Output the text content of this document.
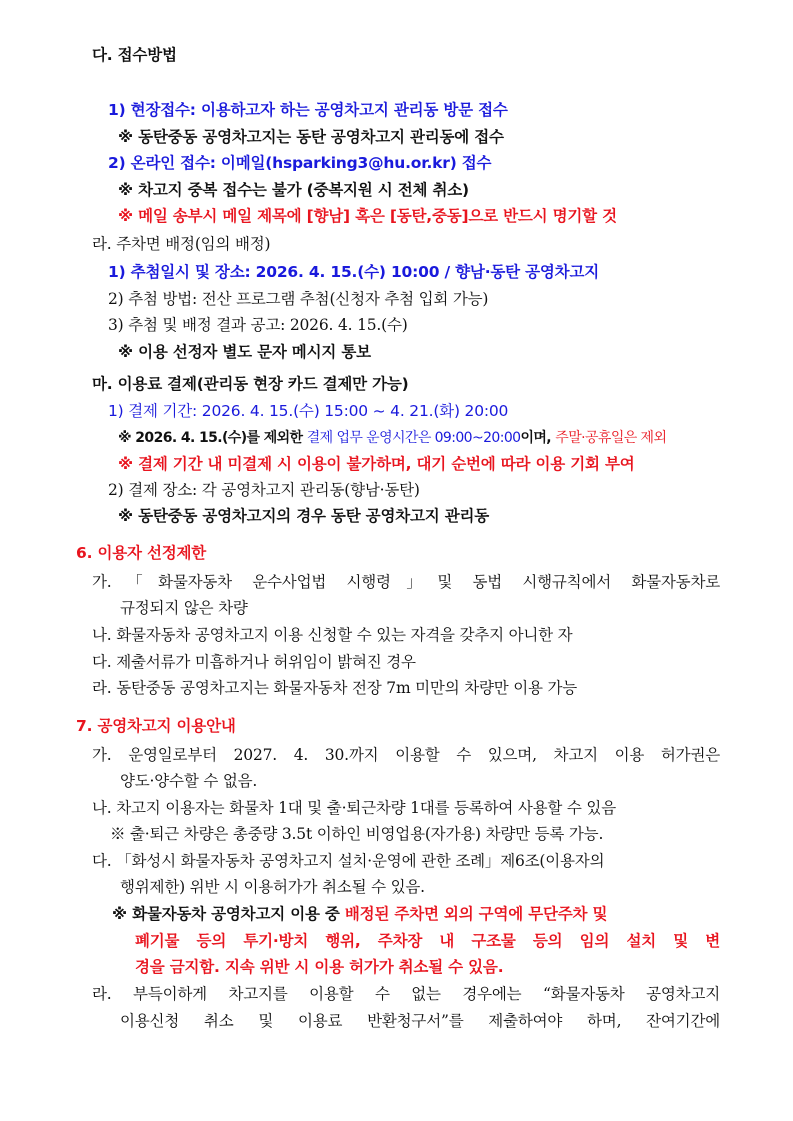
다. 접수방법
1) 현장접수: 이용하고자 하는 공영차고지 관리동 방문 접수
※ 동탄중동 공영차고지는 동탄 공영차고지 관리동에 접수
2) 온라인 접수: 이메일(hsparking3@hu.or.kr) 접수
※ 차고지 중복 접수는 불가 (중복지원 시 전체 취소)
※ 메일 송부시 메일 제목에 [향남] 혹은 [동탄,중동]으로 반드시 명기할 것
라. 주차면 배정(임의 배정)
1) 추첨일시 및 장소: 2026. 4. 15.(수) 10:00 / 향남·동탄 공영차고지
2) 추첨 방법: 전산 프로그램 추첨(신청자 추첨 입회 가능)
3) 추첨 및 배정 결과 공고: 2026. 4. 15.(수)
※ 이용 선정자 별도 문자 메시지 통보
마. 이용료 결제(관리동 현장 카드 결제만 가능)
1) 결제 기간: 2026. 4. 15.(수) 15:00 ~ 4. 21.(화) 20:00
※ 2026. 4. 15.(수)를 제외한 결제 업무 운영시간은 09:00~20:00이며, 주말·공휴일은 제외
※ 결제 기간 내 미결제 시 이용이 불가하며, 대기 순번에 따라 이용 기회 부여
2) 결제 장소: 각 공영차고지 관리동(향남·동탄)
※ 동탄중동 공영차고지의 경우 동탄 공영차고지 관리동
6. 이용자 선정제한
가.「화물자동차 운수사업법 시행령」및 동법 시행규칙에서 화물자동차로
규정되지 않은 차량
나. 화물자동차 공영차고지 이용 신청할 수 있는 자격을 갖추지 아니한 자
다. 제출서류가 미흡하거나 허위임이 밝혀진 경우
라. 동탄중동 공영차고지는 화물자동차 전장 7m 미만의 차량만 이용 가능
7. 공영차고지 이용안내
가. 운영일로부터 2027. 4. 30.까지 이용할 수 있으며, 차고지 이용 허가권은
양도·양수할 수 없음.
나. 차고지 이용자는 화물차 1대 및 출·퇴근차량 1대를 등록하여 사용할 수 있음
※ 출·퇴근 차량은 총중량 3.5t 이하인 비영업용(자가용) 차량만 등록 가능.
다. 「화성시 화물자동차 공영차고지 설치·운영에 관한 조례」제6조(이용자의
행위제한) 위반 시 이용허가가 취소될 수 있음.
※ 화물자동차 공영차고지 이용 중 배정된 주차면 외의 구역에 무단주차 및
폐기물 등의 투기·방치 행위, 주차장 내 구조물 등의 임의 설치 및 변
경을 금지함. 지속 위반 시 이용 허가가 취소될 수 있음.
라. 부득이하게 차고지를 이용할 수 없는 경우에는 “화물자동차 공영차고지
이용신청 취소 및 이용료 반환청구서”를 제출하여야 하며, 잔여기간에
